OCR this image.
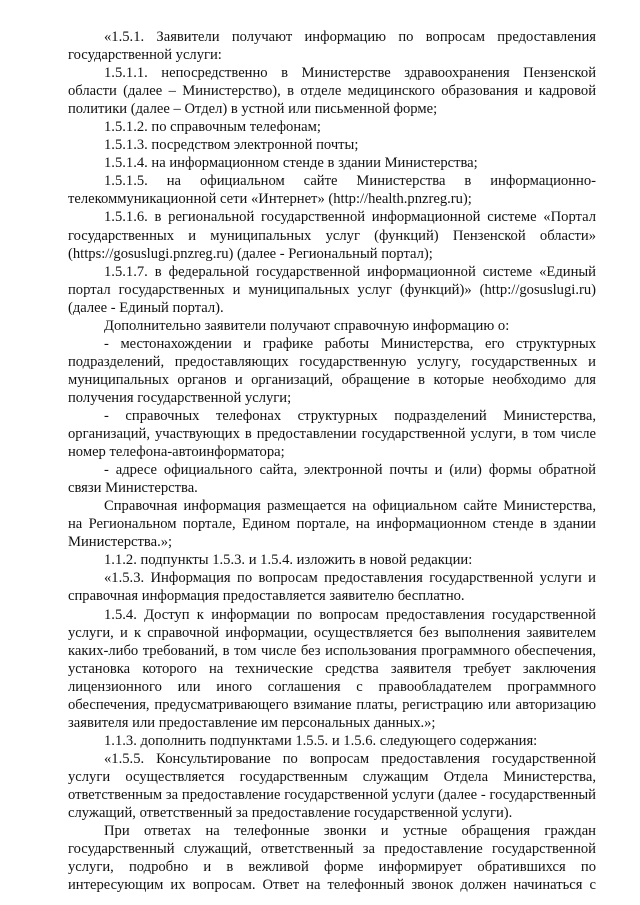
«1.5.1. Заявители получают информацию по вопросам предоставления государственной услуги:

1.5.1.1. непосредственно в Министерстве здравоохранения Пензенской области (далее – Министерство), в отделе медицинского образования и кадровой политики (далее – Отдел) в устной или письменной форме;

1.5.1.2. по справочным телефонам;

1.5.1.3. посредством электронной почты;

1.5.1.4. на информационном стенде в здании Министерства;

1.5.1.5. на официальном сайте Министерства в информационно-телекоммуникационной сети «Интернет» (http://health.pnzreg.ru);

1.5.1.6. в региональной государственной информационной системе «Портал государственных и муниципальных услуг (функций) Пензенской области» (https://gosuslugi.pnzreg.ru) (далее - Региональный портал);

1.5.1.7. в федеральной государственной информационной системе «Единый портал государственных и муниципальных услуг (функций)» (http://gosuslugi.ru) (далее - Единый портал).

Дополнительно заявители получают справочную информацию о:

- местонахождении и графике работы Министерства, его структурных подразделений, предоставляющих государственную услугу, государственных и муниципальных органов и организаций, обращение в которые необходимо для получения государственной услуги;

- справочных телефонах структурных подразделений Министерства, организаций, участвующих в предоставлении государственной услуги, в том числе номер телефона-автоинформатора;

- адресе официального сайта, электронной почты и (или) формы обратной связи Министерства.

Справочная информация размещается на официальном сайте Министерства, на Региональном портале, Едином портале, на информационном стенде в здании Министерства.»;

1.1.2. подпункты 1.5.3. и 1.5.4. изложить в новой редакции:

«1.5.3. Информация по вопросам предоставления государственной услуги и справочная информация предоставляется заявителю бесплатно.

1.5.4. Доступ к информации по вопросам предоставления государственной услуги, и к справочной информации, осуществляется без выполнения заявителем каких-либо требований, в том числе без использования программного обеспечения, установка которого на технические средства заявителя требует заключения лицензионного или иного соглашения с правообладателем программного обеспечения, предусматривающего взимание платы, регистрацию или авторизацию заявителя или предоставление им персональных данных.»;

1.1.3. дополнить подпунктами 1.5.5. и 1.5.6. следующего содержания:

«1.5.5. Консультирование по вопросам предоставления государственной услуги осуществляется государственным служащим Отдела Министерства, ответственным за предоставление государственной услуги (далее - государственный служащий, ответственный за предоставление государственной услуги).

При ответах на телефонные звонки и устные обращения граждан государственный служащий, ответственный за предоставление государственной услуги, подробно и в вежливой форме информирует обратившихся по интересующим их вопросам. Ответ на телефонный звонок должен начинаться с
